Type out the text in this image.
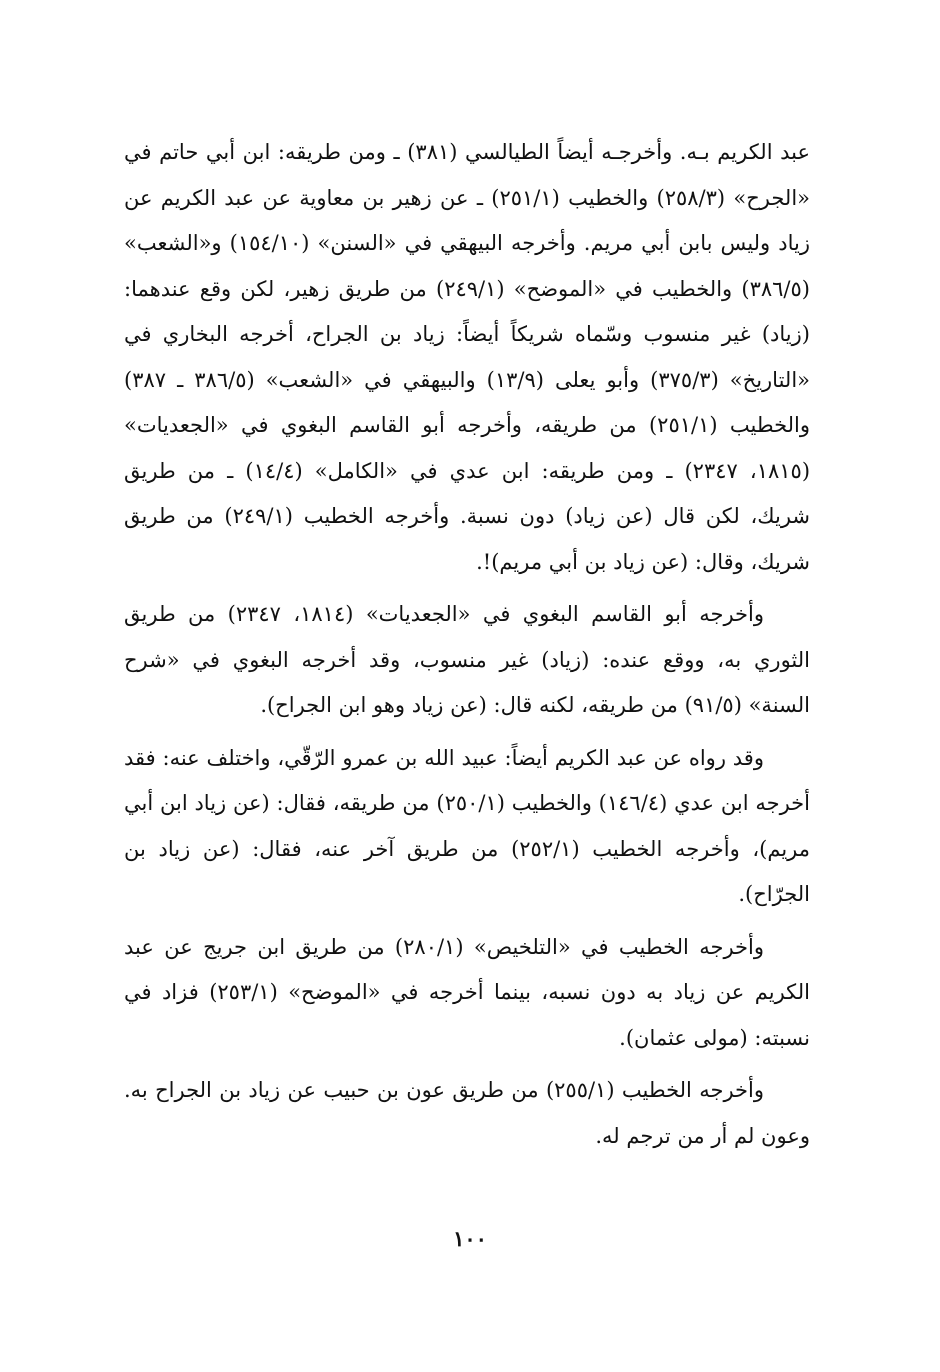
عبد الكريم بـه. وأخرجـه أيضاً الطيالسي (٣٨١) ـ ومن طريقه: ابن أبي حاتم في «الجرح» (٢٥٨/٣) والخطيب (٢٥١/١) ـ عن زهير بن معاوية عن عبد الكريم عن زياد وليس بابن أبي مريم. وأخرجه البيهقي في «السنن» (١٥٤/١٠) و«الشعب» (٣٨٦/٥) والخطيب في «الموضح» (٢٤٩/١) من طريق زهير، لكن وقع عندهما: (زياد) غير منسوب وسّماه شريكاً أيضاً: زياد بن الجراح، أخرجه البخاري في «التاريخ» (٣٧٥/٣) وأبو يعلى (١٣/٩) والبيهقي في «الشعب» (٣٨٦/٥ ـ ٣٨٧) والخطيب (٢٥١/١) من طريقه، وأخرجه أبو القاسم البغوي في «الجعديات» (١٨١٥، ٢٣٤٧) ـ ومن طريقه: ابن عدي في «الكامل» (١٤/٤) ـ من طريق شريك، لكن قال (عن زياد) دون نسبة. وأخرجه الخطيب (٢٤٩/١) من طريق شريك، وقال: (عن زياد بن أبي مريم)!.

وأخرجه أبو القاسم البغوي في «الجعديات» (١٨١٤، ٢٣٤٧) من طريق الثوري به، ووقع عنده: (زياد) غير منسوب، وقد أخرجه البغوي في «شرح السنة» (٩١/٥) من طريقه، لكنه قال: (عن زياد وهو ابن الجراح).

وقد رواه عن عبد الكريم أيضاً: عبيد الله بن عمرو الرّقّي، واختلف عنه: فقد أخرجه ابن عدي (١٤٦/٤) والخطيب (٢٥٠/١) من طريقه، فقال: (عن زياد ابن أبي مريم)، وأخرجه الخطيب (٢٥٢/١) من طريق آخر عنه، فقال: (عن زياد بن الجرّاح).

وأخرجه الخطيب في «التلخيص» (٢٨٠/١) من طريق ابن جريج عن عبد الكريم عن زياد به دون نسبه، بينما أخرجه في «الموضح» (٢٥٣/١) فزاد في نسبته: (مولى عثمان).

وأخرجه الخطيب (٢٥٥/١) من طريق عون بن حبيب عن زياد بن الجراح به. وعون لم أر من ترجم له.

١٠٠
